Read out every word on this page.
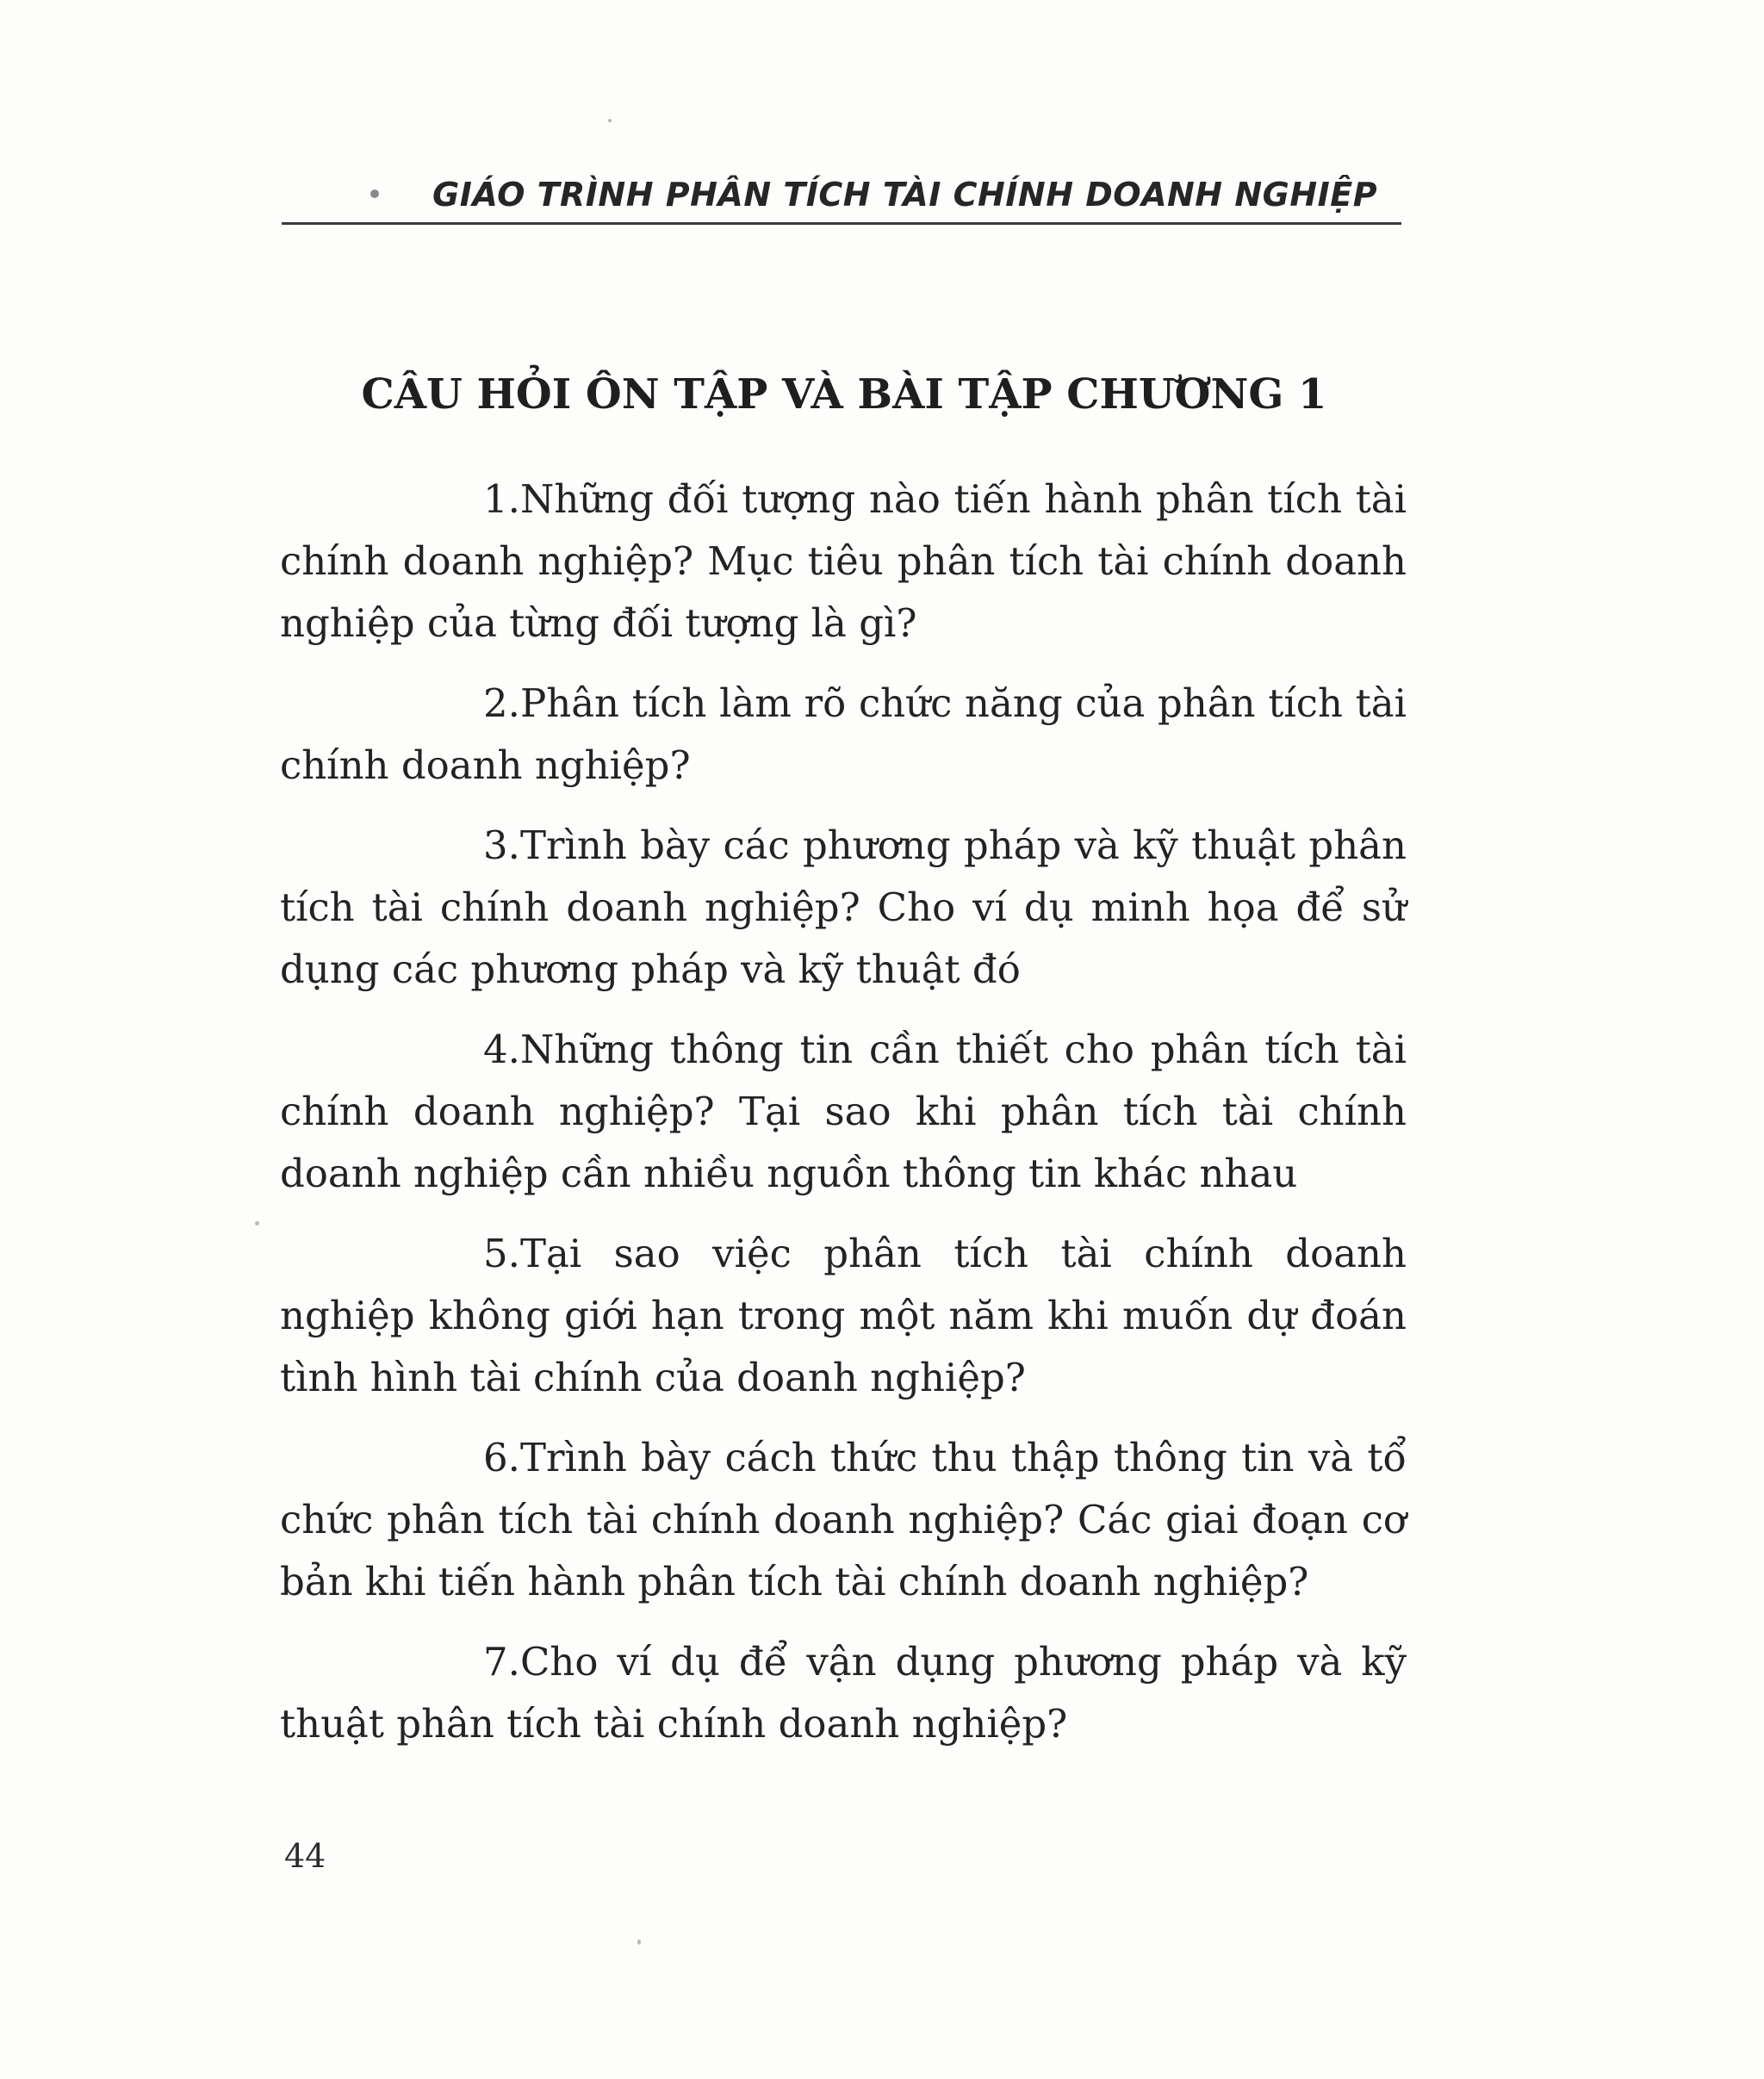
GIÁO TRÌNH PHÂN TÍCH TÀI CHÍNH DOANH NGHIỆP
CÂU HỎI ÔN TẬP VÀ BÀI TẬP CHƯƠNG 1
1.Những đối tượng nào tiến hành phân tích tài chính doanh nghiệp? Mục tiêu phân tích tài chính doanh nghiệp của từng đối tượng là gì?
2.Phân tích làm rõ chức năng của phân tích tài chính doanh nghiệp?
3.Trình bày các phương pháp và kỹ thuật phân tích tài chính doanh nghiệp? Cho ví dụ minh họa để sử dụng các phương pháp và kỹ thuật đó
4.Những thông tin cần thiết cho phân tích tài chính doanh nghiệp? Tại sao khi phân tích tài chính doanh nghiệp cần nhiều nguồn thông tin khác nhau
5.Tại sao việc phân tích tài chính doanh nghiệp không giới hạn trong một năm khi muốn dự đoán tình hình tài chính của doanh nghiệp?
6.Trình bày cách thức thu thập thông tin và tổ chức phân tích tài chính doanh nghiệp? Các giai đoạn cơ bản khi tiến hành phân tích tài chính doanh nghiệp?
7.Cho ví dụ để vận dụng phương pháp và kỹ thuật phân tích tài chính doanh nghiệp?
44
